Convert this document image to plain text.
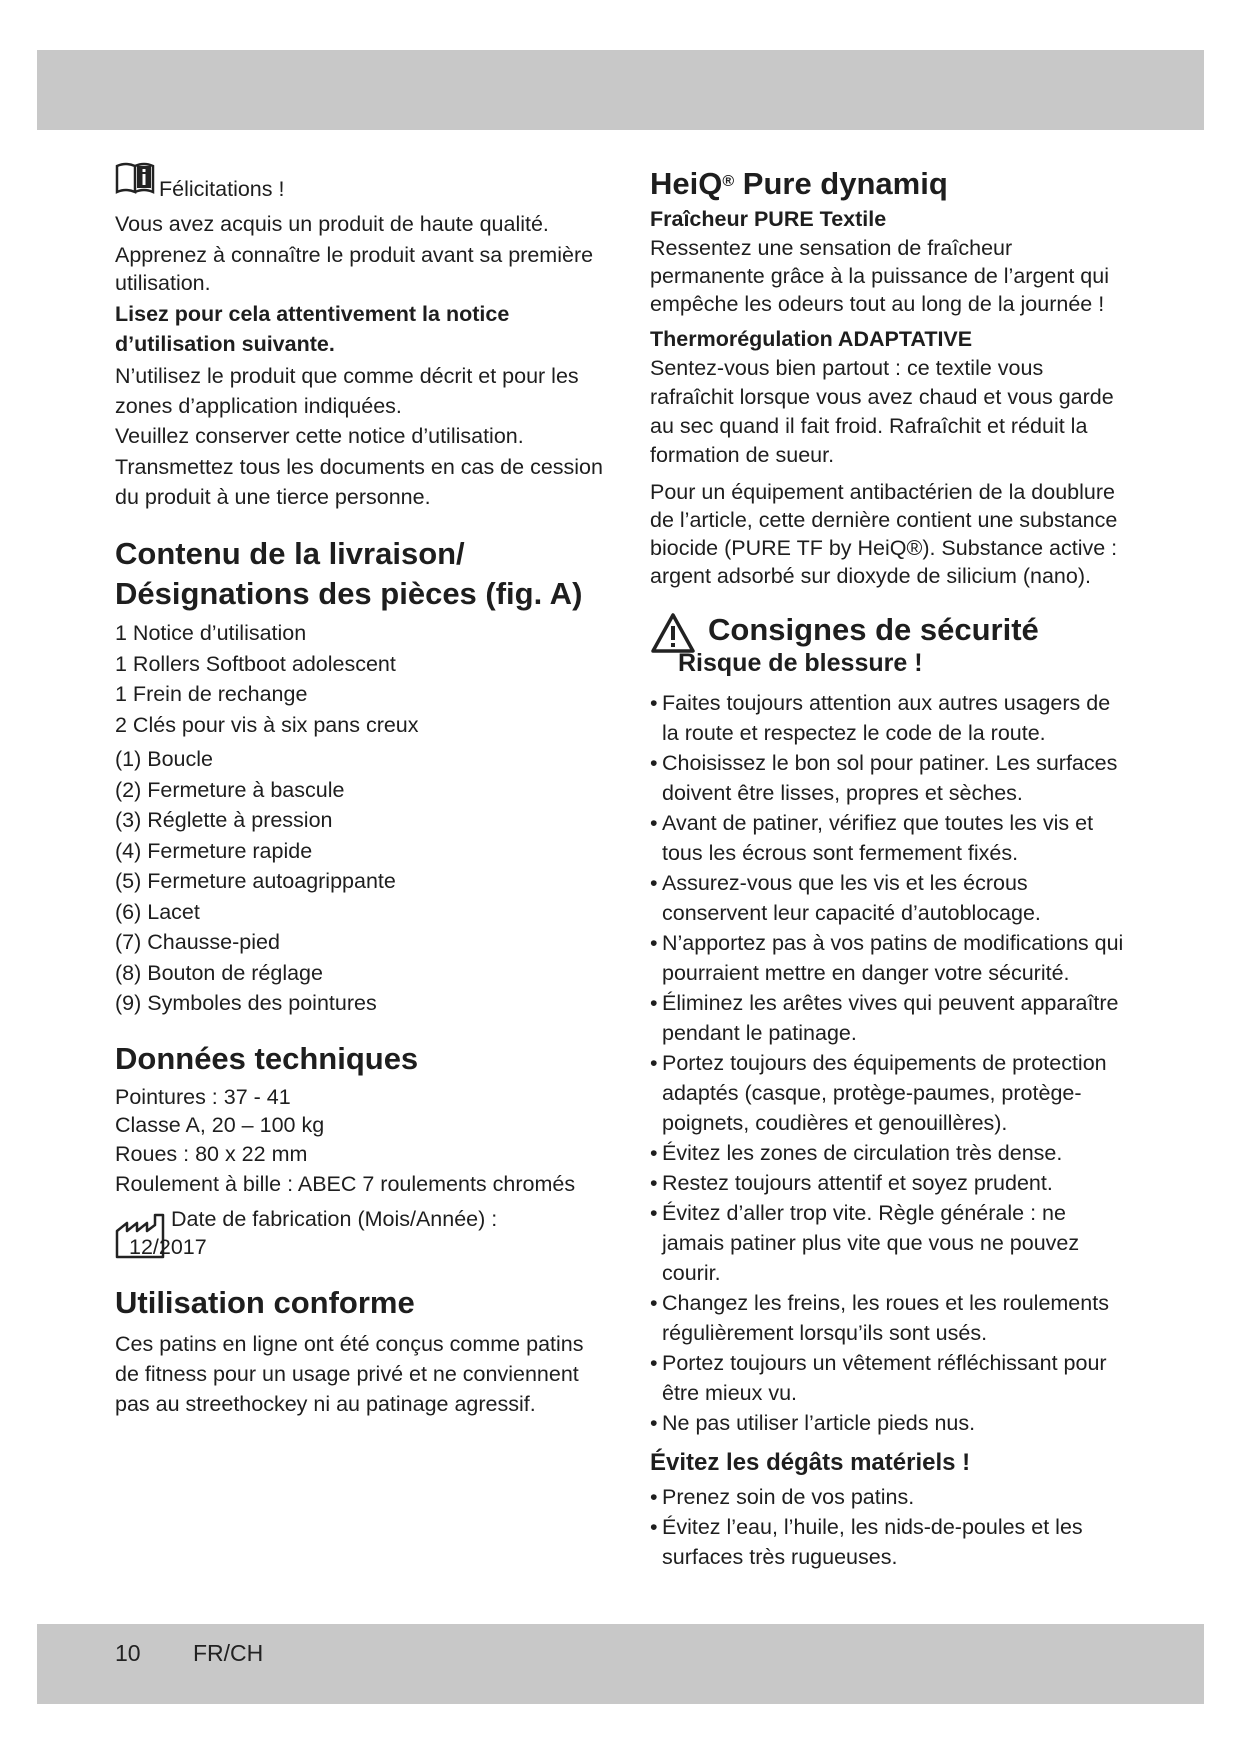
Félicitations !

Vous avez acquis un produit de haute qualité.

Apprenez à connaître le produit avant sa première utilisation.

Lisez pour cela attentivement la notice d’utilisation suivante.

N’utilisez le produit que comme décrit et pour les zones d’application indiquées.

Veuillez conserver cette notice d’utilisation.

Transmettez tous les documents en cas de cession du produit à une tierce personne.

Contenu de la livraison/ Désignations des pièces (fig. A)
1 Notice d’utilisation
1 Rollers Softboot adolescent
1 Frein de rechange
2 Clés pour vis à six pans creux
(1) Boucle
(2) Fermeture à bascule
(3) Réglette à pression
(4) Fermeture rapide
(5) Fermeture autoagrippante
(6) Lacet
(7) Chausse-pied
(8) Bouton de réglage
(9) Symboles des pointures
Données techniques

Pointures : 37 - 41

Classe A, 20 – 100 kg

Roues : 80 x 22 mm

Roulement à bille : ABEC 7 roulements chromés

Date de fabrication (Mois/Année) : 12/2017
Utilisation conforme

Ces patins en ligne ont été conçus comme patins de fitness pour un usage privé et ne conviennent pas au streethockey ni au patinage agressif.

HeiQ® Pure dynamiq
Fraîcheur PURE Textile

Ressentez une sensation de fraîcheur permanente grâce à la puissance de l’argent qui empêche les odeurs tout au long de la journée !

Thermorégulation ADAPTATIVE

Sentez-vous bien partout : ce textile vous rafraîchit lorsque vous avez chaud et vous garde au sec quand il fait froid. Rafraîchit et réduit la formation de sueur.

Pour un équipement antibactérien de la doublure de l’article, cette dernière contient une substance biocide (PURE TF by HeiQ®). Substance active : argent adsorbé sur dioxyde de silicium (nano).

Consignes de sécurité
Risque de blessure !
• Faites toujours attention aux autres usagers de la route et respectez le code de la route.
• Choisissez le bon sol pour patiner. Les surfaces doivent être lisses, propres et sèches.
• Avant de patiner, vérifiez que toutes les vis et tous les écrous sont fermement fixés.
• Assurez-vous que les vis et les écrous conservent leur capacité d’autoblocage.
• N’apportez pas à vos patins de modifications qui pourraient mettre en danger votre sécurité.
• Éliminez les arêtes vives qui peuvent apparaître pendant le patinage.
• Portez toujours des équipements de protection adaptés (casque, protège-paumes, protège-poignets, coudières et genouillères).
• Évitez les zones de circulation très dense.
• Restez toujours attentif et soyez prudent.
• Évitez d’aller trop vite. Règle générale : ne jamais patiner plus vite que vous ne pouvez courir.
• Changez les freins, les roues et les roulements régulièrement lorsqu’ils sont usés.
• Portez toujours un vêtement réfléchissant pour être mieux vu.
• Ne pas utiliser l’article pieds nus.
Évitez les dégâts matériels !
• Prenez soin de vos patins.
• Évitez l’eau, l’huile, les nids-de-poules et les surfaces très rugueuses.
10 FR/CH
